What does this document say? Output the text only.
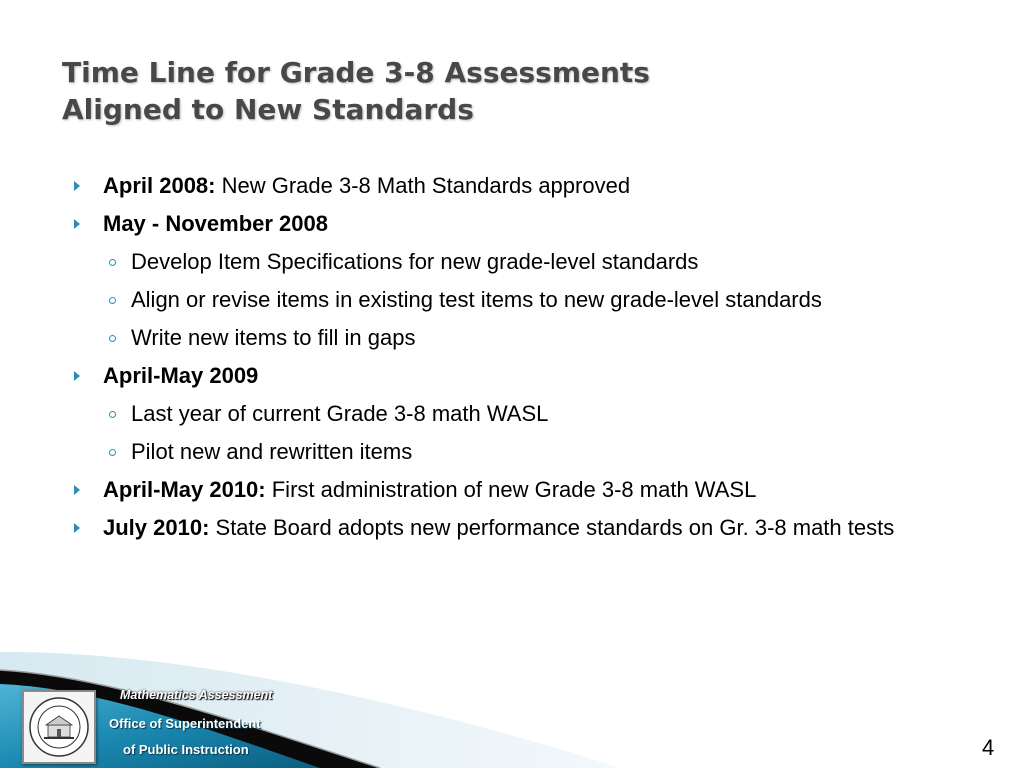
Time Line for Grade 3-8 Assessments
Aligned to New Standards
April 2008: New Grade 3-8 Math Standards approved
May - November 2008
Develop Item Specifications for new grade-level standards
Align or revise items in existing test items to new grade-level standards
Write new items to fill in gaps
April-May 2009
Last year of current Grade 3-8 math WASL
Pilot new and rewritten items
April-May 2010: First administration of new Grade 3-8 math WASL
July 2010: State Board adopts new performance standards on Gr. 3-8 math tests
Mathematics Assessment
Office of Superintendent
of Public Instruction	4
